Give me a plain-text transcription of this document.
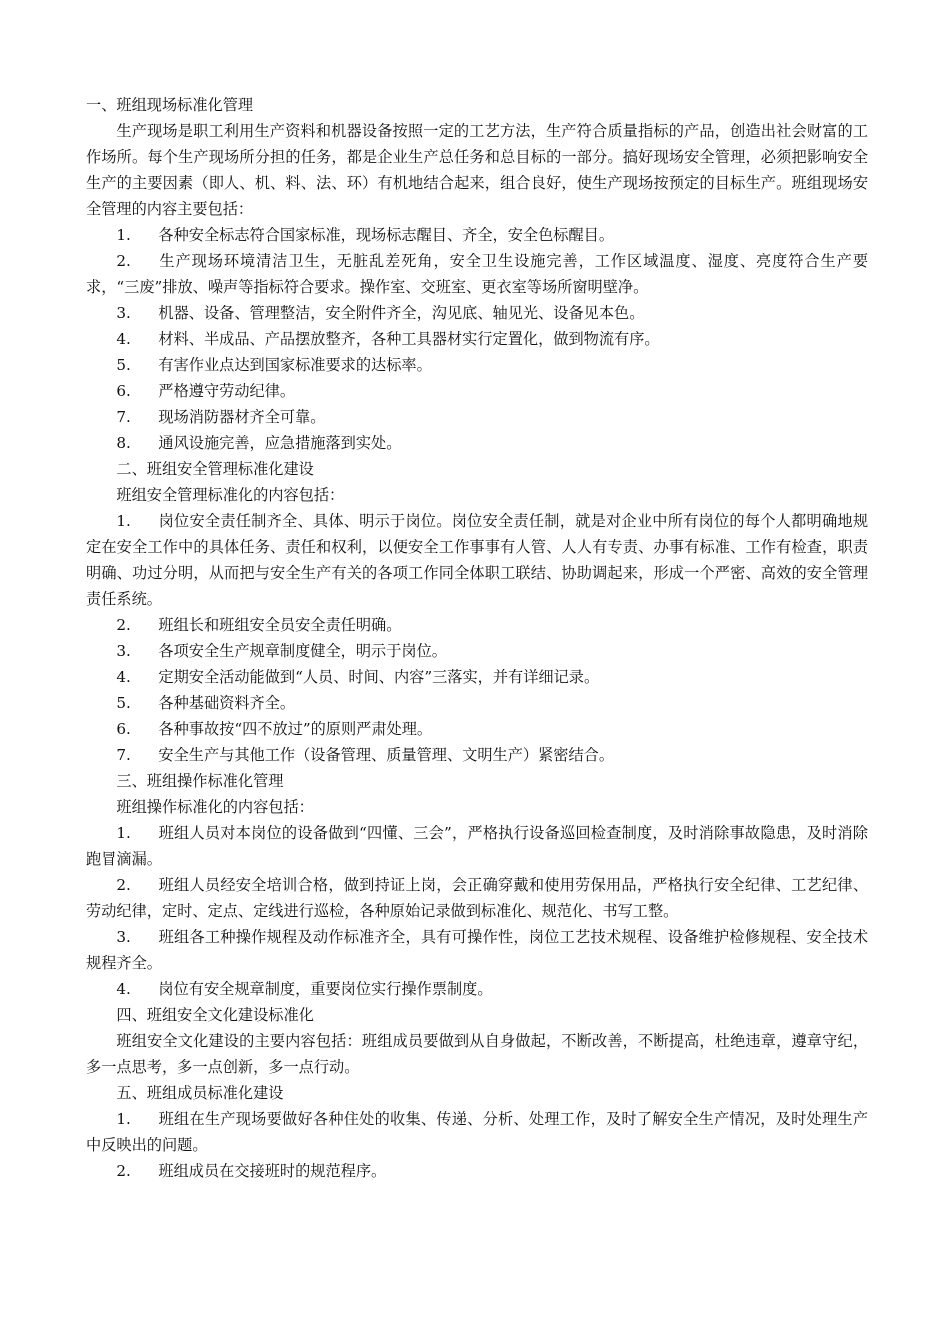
一、班组现场标准化管理

生产现场是职工利用生产资料和机器设备按照一定的工艺方法，生产符合质量指标的产品，创造出社会财富的工作场所。每个生产现场所分担的任务，都是企业生产总任务和总目标的一部分。搞好现场安全管理，必须把影响安全生产的主要因素（即人、机、料、法、环）有机地结合起来，组合良好，使生产现场按预定的目标生产。班组现场安全管理的内容主要包括：

1. 各种安全标志符合国家标准，现场标志醒目、齐全，安全色标醒目。

2. 生产现场环境清洁卫生，无脏乱差死角，安全卫生设施完善，工作区域温度、湿度、亮度符合生产要求，“三废”排放、噪声等指标符合要求。操作室、交班室、更衣室等场所窗明壁净。

3. 机器、设备、管理整洁，安全附件齐全，沟见底、轴见光、设备见本色。

4. 材料、半成品、产品摆放整齐，各种工具器材实行定置化，做到物流有序。

5. 有害作业点达到国家标准要求的达标率。

6. 严格遵守劳动纪律。

7. 现场消防器材齐全可靠。

8. 通风设施完善，应急措施落到实处。

二、班组安全管理标准化建设

班组安全管理标准化的内容包括：

1. 岗位安全责任制齐全、具体、明示于岗位。岗位安全责任制，就是对企业中所有岗位的每个人都明确地规定在安全工作中的具体任务、责任和权利，以便安全工作事事有人管、人人有专责、办事有标准、工作有检查，职责明确、功过分明，从而把与安全生产有关的各项工作同全体职工联结、协助调起来，形成一个严密、高效的安全管理责任系统。

2. 班组长和班组安全员安全责任明确。

3. 各项安全生产规章制度健全，明示于岗位。

4. 定期安全活动能做到“人员、时间、内容”三落实，并有详细记录。

5. 各种基础资料齐全。

6. 各种事故按“四不放过”的原则严肃处理。

7. 安全生产与其他工作（设备管理、质量管理、文明生产）紧密结合。

三、班组操作标准化管理

班组操作标准化的内容包括：

1. 班组人员对本岗位的设备做到“四懂、三会”，严格执行设备巡回检查制度，及时消除事故隐患，及时消除跑冒滴漏。

2. 班组人员经安全培训合格，做到持证上岗，会正确穿戴和使用劳保用品，严格执行安全纪律、工艺纪律、劳动纪律，定时、定点、定线进行巡检，各种原始记录做到标准化、规范化、书写工整。

3. 班组各工种操作规程及动作标准齐全，具有可操作性，岗位工艺技术规程、设备维护检修规程、安全技术规程齐全。

4. 岗位有安全规章制度，重要岗位实行操作票制度。

四、班组安全文化建设标准化

班组安全文化建设的主要内容包括：班组成员要做到从自身做起，不断改善，不断提高，杜绝违章，遵章守纪，多一点思考，多一点创新，多一点行动。

五、班组成员标准化建设

1. 班组在生产现场要做好各种住处的收集、传递、分析、处理工作，及时了解安全生产情况，及时处理生产中反映出的问题。

2. 班组成员在交接班时的规范程序。
